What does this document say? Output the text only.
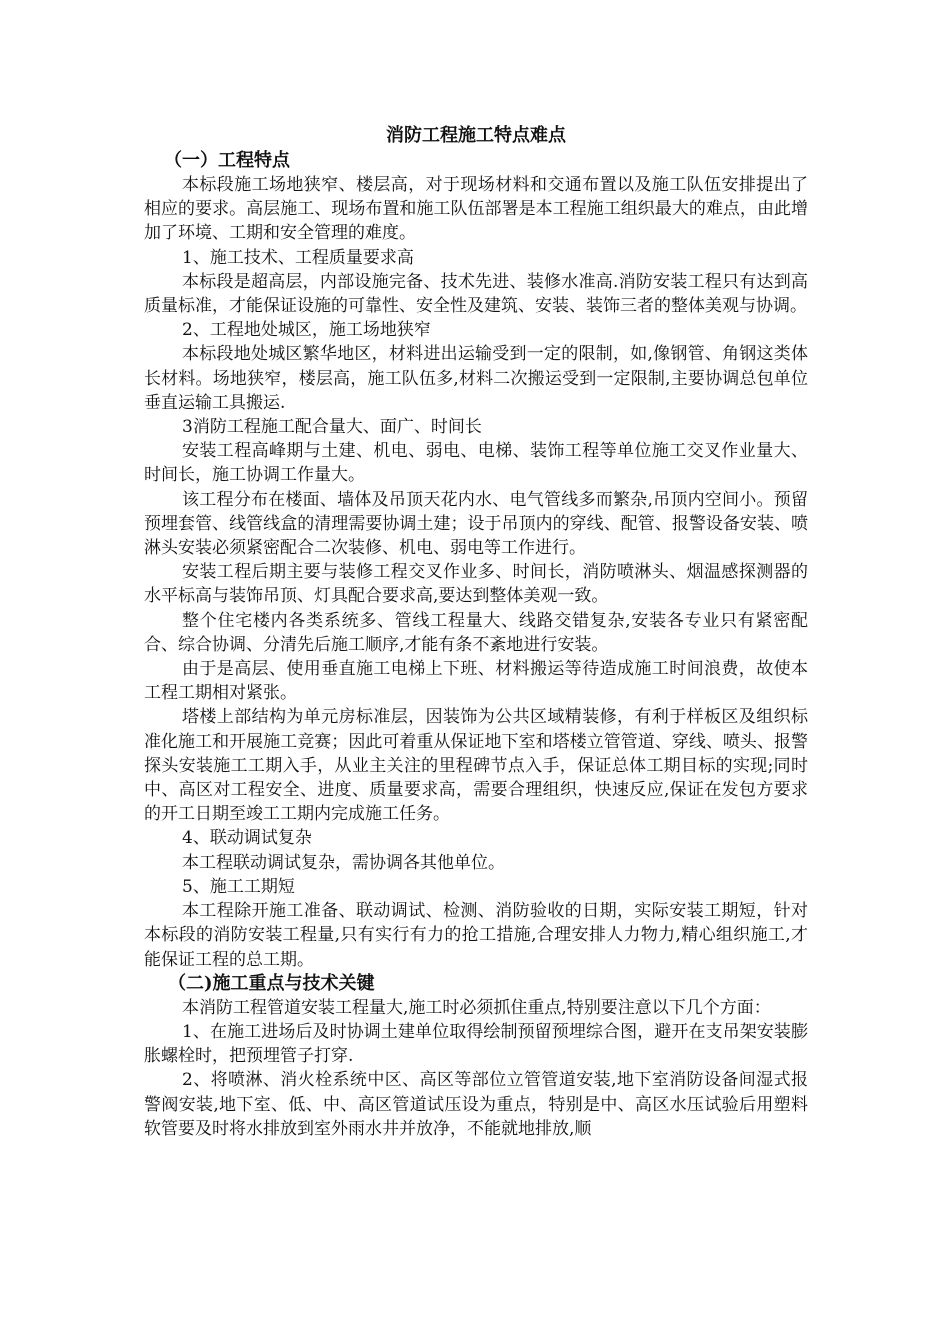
消防工程施工特点难点
（一）工程特点

本标段施工场地狭窄、楼层高，对于现场材料和交通布置以及施工队伍安排提出了相应的要求。高层施工、现场布置和施工队伍部署是本工程施工组织最大的难点，由此增加了环境、工期和安全管理的难度。

1、施工技术、工程质量要求高

本标段是超高层，内部设施完备、技术先进、装修水准高.消防安装工程只有达到高质量标准，才能保证设施的可靠性、安全性及建筑、安装、装饰三者的整体美观与协调。

2、工程地处城区，施工场地狭窄

本标段地处城区繁华地区，材料进出运输受到一定的限制，如,像钢管、角钢这类体长材料。场地狭窄，楼层高，施工队伍多,材料二次搬运受到一定限制,主要协调总包单位垂直运输工具搬运.

3消防工程施工配合量大、面广、时间长

安装工程高峰期与土建、机电、弱电、电梯、装饰工程等单位施工交叉作业量大、时间长，施工协调工作量大。

该工程分布在楼面、墙体及吊顶天花内水、电气管线多而繁杂,吊顶内空间小。预留预埋套管、线管线盒的清理需要协调土建；设于吊顶内的穿线、配管、报警设备安装、喷淋头安装必须紧密配合二次装修、机电、弱电等工作进行。

安装工程后期主要与装修工程交叉作业多、时间长，消防喷淋头、烟温感探测器的水平标高与装饰吊顶、灯具配合要求高,要达到整体美观一致。

整个住宅楼内各类系统多、管线工程量大、线路交错复杂,安装各专业只有紧密配合、综合协调、分清先后施工顺序,才能有条不紊地进行安装。

由于是高层、使用垂直施工电梯上下班、材料搬运等待造成施工时间浪费，故使本工程工期相对紧张。

塔楼上部结构为单元房标准层，因装饰为公共区域精装修，有利于样板区及组织标准化施工和开展施工竞赛；因此可着重从保证地下室和塔楼立管管道、穿线、喷头、报警探头安装施工工期入手，从业主关注的里程碑节点入手，保证总体工期目标的实现;同时中、高区对工程安全、进度、质量要求高，需要合理组织，快速反应,保证在发包方要求的开工日期至竣工工期内完成施工任务。

4、联动调试复杂

本工程联动调试复杂，需协调各其他单位。

5、施工工期短

本工程除开施工准备、联动调试、检测、消防验收的日期，实际安装工期短，针对本标段的消防安装工程量,只有实行有力的抢工措施,合理安排人力物力,精心组织施工,才能保证工程的总工期。

（二)施工重点与技术关键

本消防工程管道安装工程量大,施工时必须抓住重点,特别要注意以下几个方面：

1、在施工进场后及时协调土建单位取得绘制预留预埋综合图，避开在支吊架安装膨胀螺栓时，把预埋管子打穿.

2、将喷淋、消火栓系统中区、高区等部位立管管道安装,地下室消防设备间湿式报警阀安装,地下室、低、中、高区管道试压设为重点，特别是中、高区水压试验后用塑料软管要及时将水排放到室外雨水井并放净，不能就地排放,顺
